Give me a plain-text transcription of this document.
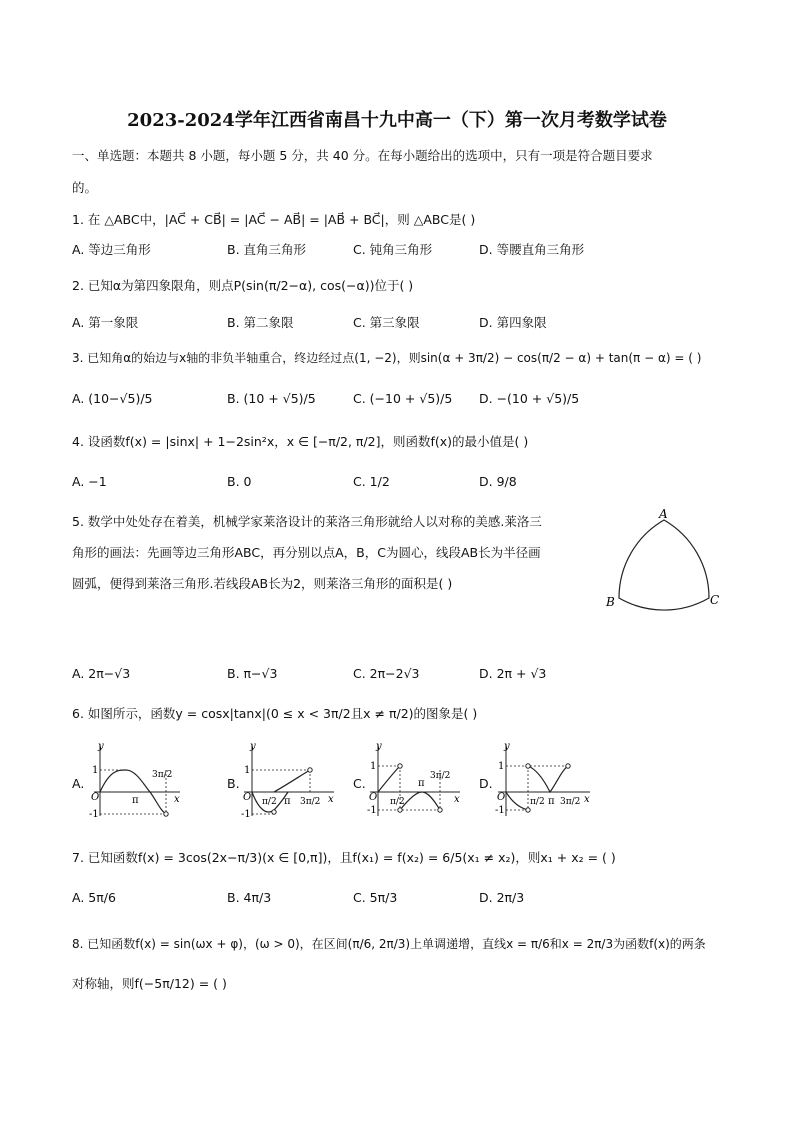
2023-2024学年江西省南昌十九中高一（下）第一次月考数学试卷
一、单选题：本题共 8 小题，每小题 5 分，共 40 分。在每小题给出的选项中，只有一项是符合题目要求
的。
1. 在 △ABC中，|AC⃗ + CB⃗| = |AC⃗ − AB⃗| = |AB⃗ + BC⃗|，则 △ABC是( )
A. 等边三角形	B. 直角三角形	C. 钝角三角形	D. 等腰直角三角形
2. 已知α为第四象限角，则点P(sin(π/2−α), cos(−α))位于( )
A. 第一象限	B. 第二象限	C. 第三象限	D. 第四象限
3. 已知角α的始边与x轴的非负半轴重合，终边经过点(1, −2)，则sin(α + 3π/2) − cos(π/2 − α) + tan(π − α) = ( )
A. (10−√5)/5	B. (10 + √5)/5	C. (−10 + √5)/5 D. −(10 + √5)/5
4. 设函数f(x) = |sinx| + 1−2sin²x，x ∈ [−π/2, π/2]，则函数f(x)的最小值是( )
A. −1	B. 0	C. 1/2	D. 9/8
5. 数学中处处存在着美，机械学家莱洛设计的莱洛三角形就给人以对称的美感.莱洛三
角形的画法：先画等边三角形ABC，再分别以点A，B，C为圆心，线段AB长为半径画
圆弧，便得到莱洛三角形.若线段AB长为2，则莱洛三角形的面积是( )
A
B	C
A. 2π−√3	B. π−√3	C. 2π−2√3	D. 2π + √3
6. 如图所示，函数y = cosx|tanx|(0 ≤ x < 3π/2且x ≠ π/2)的图象是( )
A.
y
x
O
1
-1
π
3π/2
B.
y
x
O
1
-1
π/2 π 3π/2
C.
y
x
O
1
-1
π/2
π
3π/2 D.
y
x
O
1
-1
π/2 π 3π/2
7. 已知函数f(x) = 3cos(2x−π/3)(x ∈ [0,π])，且f(x₁) = f(x₂) = 6/5(x₁ ≠ x₂)，则x₁ + x₂ = ( )
A. 5π/6	B. 4π/3	C. 5π/3	D. 2π/3
8. 已知函数f(x) = sin(ωx + φ)，(ω > 0)，在区间(π/6, 2π/3)上单调递增，直线x = π/6和x = 2π/3为函数f(x)的两条
对称轴，则f(−5π/12) = ( )
